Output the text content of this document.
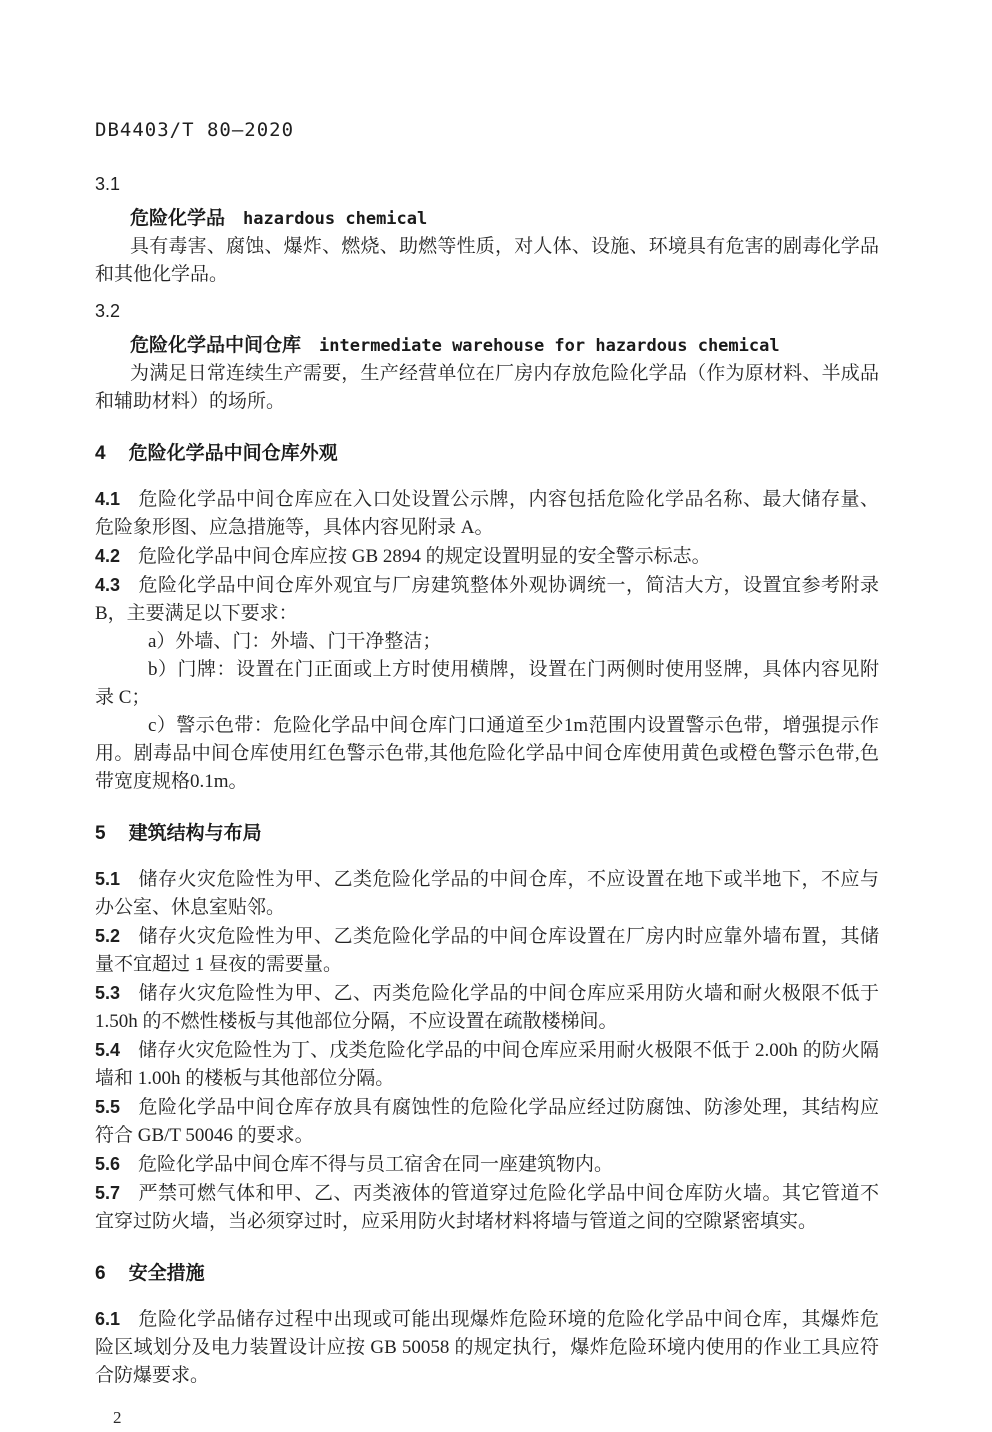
DB4403/T 80—2020

3.1

危险化学品 hazardous chemical

具有毒害、腐蚀、爆炸、燃烧、助燃等性质，对人体、设施、环境具有危害的剧毒化学品和其他化学品。

3.2

危险化学品中间仓库 intermediate warehouse for hazardous chemical

为满足日常连续生产需要，生产经营单位在厂房内存放危险化学品（作为原材料、半成品和辅助材料）的场所。

4 危险化学品中间仓库外观

4.1 危险化学品中间仓库应在入口处设置公示牌，内容包括危险化学品名称、最大储存量、危险象形图、应急措施等，具体内容见附录 A。

4.2 危险化学品中间仓库应按 GB 2894 的规定设置明显的安全警示标志。

4.3 危险化学品中间仓库外观宜与厂房建筑整体外观协调统一，简洁大方，设置宜参考附录 B，主要满足以下要求：

a）外墙、门：外墙、门干净整洁；

b）门牌：设置在门正面或上方时使用横牌，设置在门两侧时使用竖牌，具体内容见附录 C；

c）警示色带：危险化学品中间仓库门口通道至少1m范围内设置警示色带，增强提示作用。剧毒品中间仓库使用红色警示色带,其他危险化学品中间仓库使用黄色或橙色警示色带,色带宽度规格0.1m。

5 建筑结构与布局

5.1 储存火灾危险性为甲、乙类危险化学品的中间仓库，不应设置在地下或半地下，不应与办公室、休息室贴邻。

5.2 储存火灾危险性为甲、乙类危险化学品的中间仓库设置在厂房内时应靠外墙布置，其储量不宜超过 1 昼夜的需要量。

5.3 储存火灾危险性为甲、乙、丙类危险化学品的中间仓库应采用防火墙和耐火极限不低于 1.50h 的不燃性楼板与其他部位分隔，不应设置在疏散楼梯间。

5.4 储存火灾危险性为丁、戊类危险化学品的中间仓库应采用耐火极限不低于 2.00h 的防火隔墙和 1.00h 的楼板与其他部位分隔。

5.5 危险化学品中间仓库存放具有腐蚀性的危险化学品应经过防腐蚀、防渗处理，其结构应符合 GB/T 50046 的要求。

5.6 危险化学品中间仓库不得与员工宿舍在同一座建筑物内。

5.7 严禁可燃气体和甲、乙、丙类液体的管道穿过危险化学品中间仓库防火墙。其它管道不宜穿过防火墙，当必须穿过时，应采用防火封堵材料将墙与管道之间的空隙紧密填实。

6 安全措施

6.1 危险化学品储存过程中出现或可能出现爆炸危险环境的危险化学品中间仓库，其爆炸危险区域划分及电力装置设计应按 GB 50058 的规定执行，爆炸危险环境内使用的作业工具应符合防爆要求。

2
